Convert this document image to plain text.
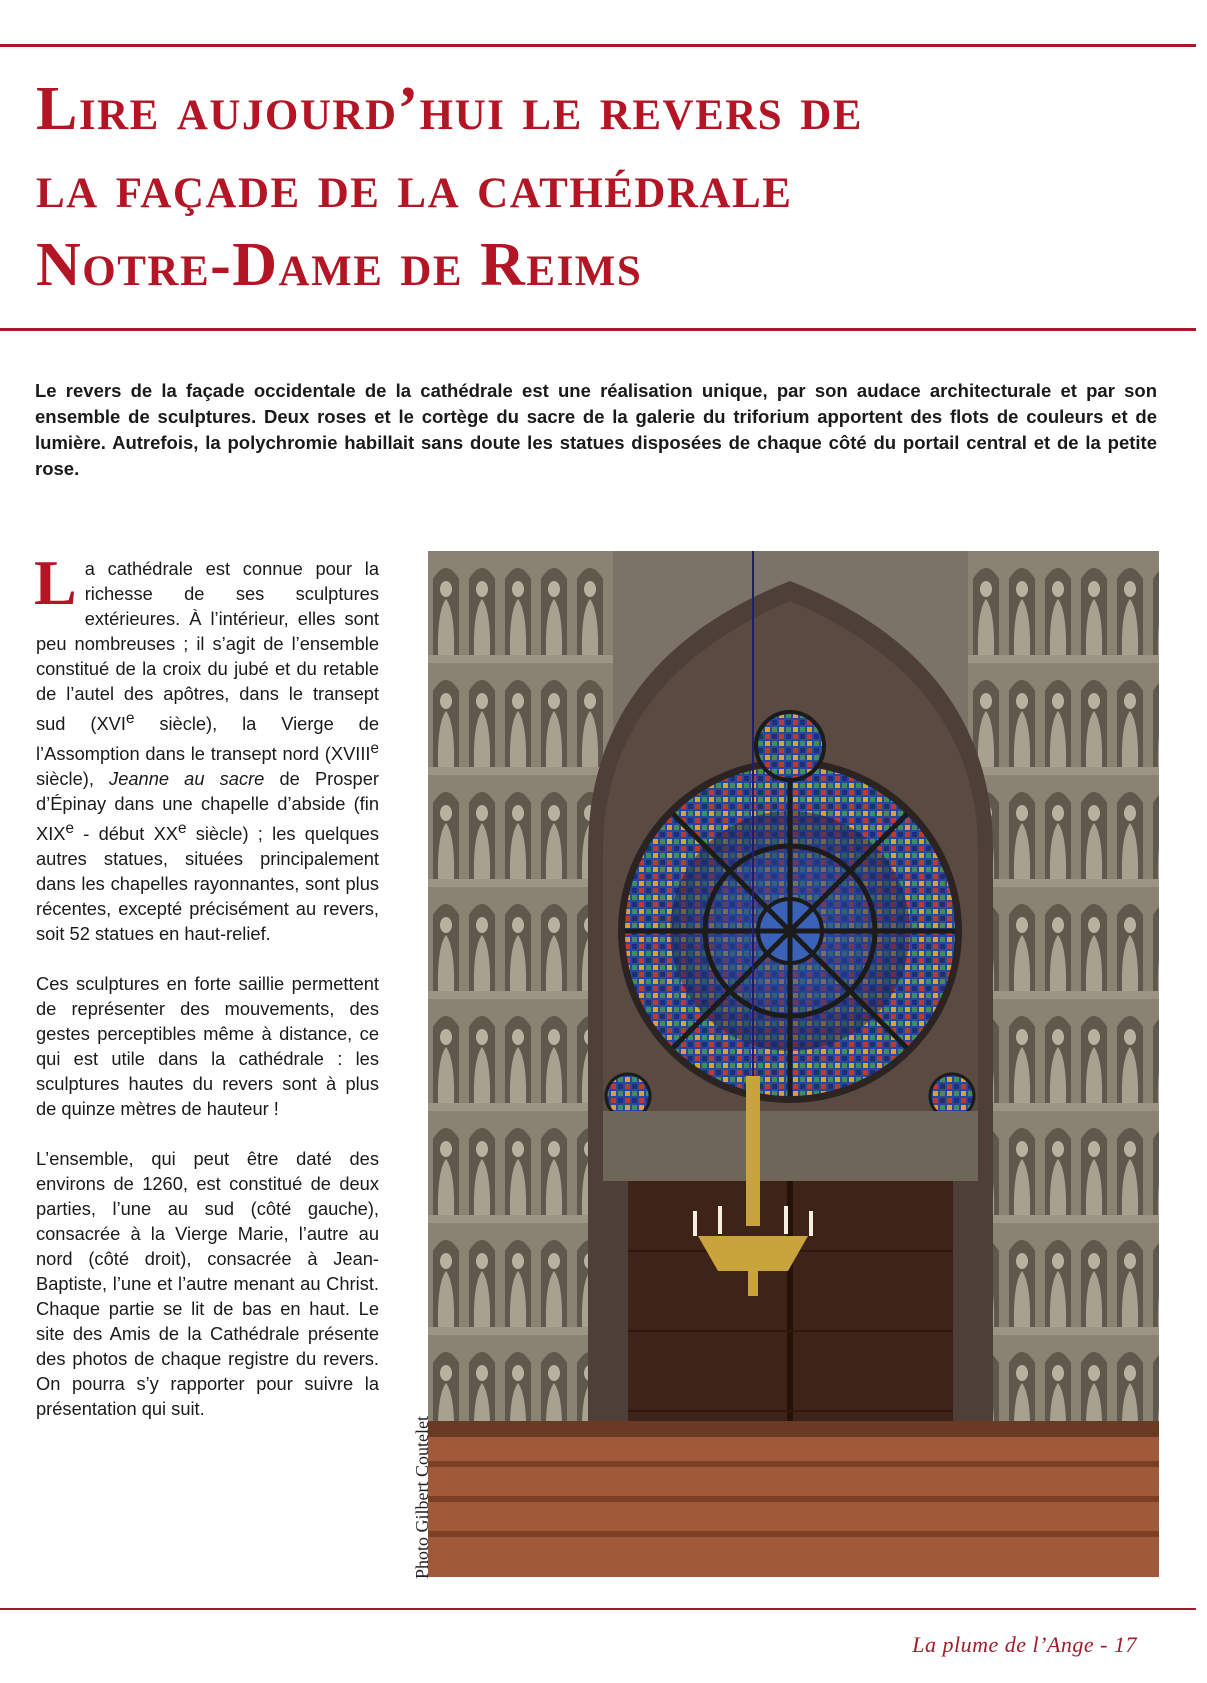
Lire aujourd’hui le revers de
la façade de la cathédrale
Notre-Dame de Reims

Le revers de la façade occidentale de la cathédrale est une réalisation unique, par son audace architecturale et par son ensemble de sculptures. Deux roses et le cortège du sacre de la galerie du triforium apportent des flots de couleurs et de lumière. Autrefois, la polychromie habillait sans doute les statues disposées de chaque côté du portail central et de la petite rose.

La cathédrale est connue pour la richesse de ses sculptures extérieures. À l’intérieur, elles sont peu nombreuses ; il s’agit de l’ensemble constitué de la croix du jubé et du retable de l’autel des apôtres, dans le transept sud (XVIe siècle), la Vierge de l’Assomption dans le transept nord (XVIIIe siècle), Jeanne au sacre de Prosper d’Épinay dans une chapelle d’abside (fin XIXe - début XXe siècle) ; les quelques autres statues, situées principalement dans les chapelles rayonnantes, sont plus récentes, excepté précisément au revers, soit 52 statues en haut-relief.

Ces sculptures en forte saillie permettent de représenter des mouvements, des gestes perceptibles même à distance, ce qui est utile dans la cathédrale : les sculptures hautes du revers sont à plus de quinze mètres de hauteur !

L’ensemble, qui peut être daté des environs de 1260, est constitué de deux parties, l’une au sud (côté gauche), consacrée à la Vierge Marie, l’autre au nord (côté droit), consacrée à Jean-Baptiste, l’une et l’autre menant au Christ. Chaque partie se lit de bas en haut. Le site des Amis de la Cathédrale présente des photos de chaque registre du revers. On pourra s’y rapporter pour suivre la présentation qui suit.

Photo Gilbert Coutelet
La plume de l’Ange - 17
